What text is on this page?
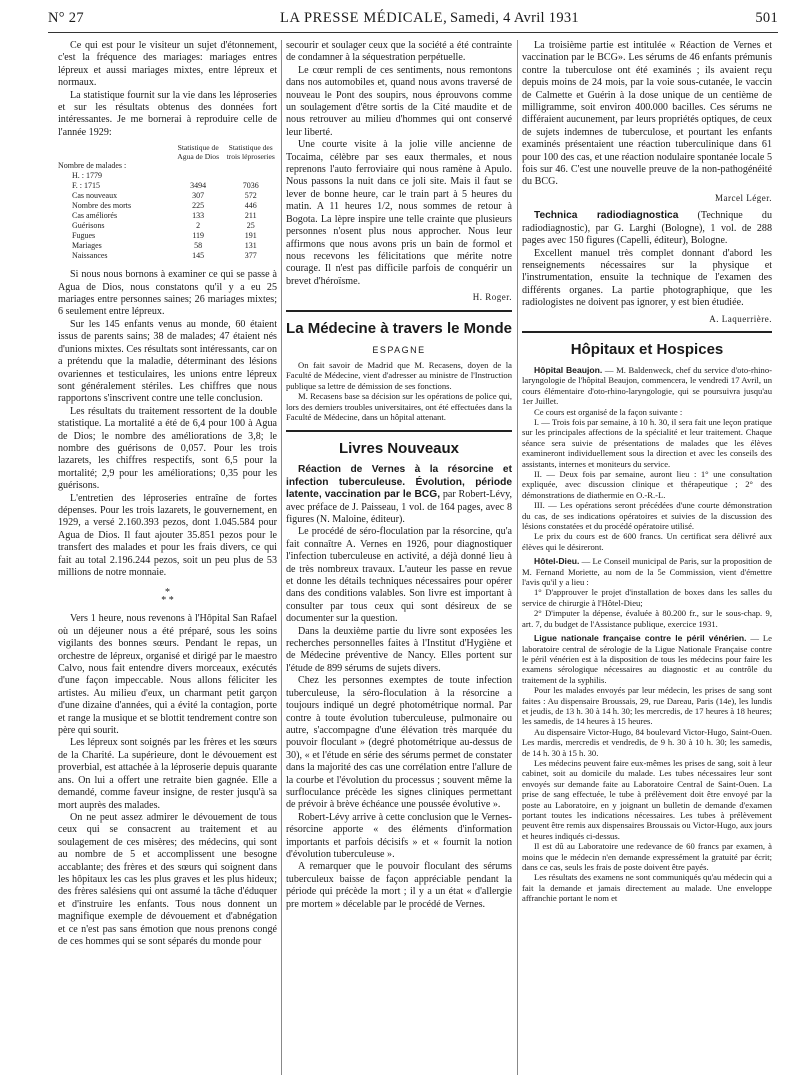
N° 27	LA PRESSE MÉDICALE, Samedi, 4 Avril 1931	501

Ce qui est pour le visiteur un sujet d'étonnement, c'est la fréquence des mariages: mariages entres lépreux et aussi mariages mixtes, entre lépreux et normaux.

La statistique fournit sur la vie dans les léproseries et sur les résultats obtenus des données fort intéressantes. Je me bornerai à reproduire celle de l'année 1929:

	Statistique de Agua de Dios	Statistique des trois léproseries
Nombre de malades :		
H. : 1779		
F. : 1715	3494	7036
Cas nouveaux	307	572
Nombre des morts	225	446
Cas améliorés	133	211
Guérisons	2	25
Fugues	119	191
Mariages	58	131
Naissances	145	377

Si nous nous bornons à examiner ce qui se passe à Agua de Dios, nous constatons qu'il y a eu 25 mariages entre personnes saines; 26 mariages mixtes; 6 seulement entre lépreux.

Sur les 145 enfants venus au monde, 60 étaient issus de parents sains; 38 de malades; 47 étaient nés d'unions mixtes. Ces résultats sont intéressants, car on a prétendu que la maladie, déterminant des lésions ovariennes et testiculaires, les unions entre lépreux sont généralement stériles. Les chiffres que nous rapportons s'inscrivent contre une telle conclusion.

Les résultats du traitement ressortent de la double statistique. La mortalité a été de 6,4 pour 100 à Agua de Dios; le nombre des améliorations de 3,8; le nombre des guérisons de 0,057. Pour les trois lazarets, les chiffres respectifs, sont 6,5 pour la mortalité; 2,9 pour les améliorations; 0,35 pour les guérisons.

L'entretien des léproseries entraîne de fortes dépenses. Pour les trois lazarets, le gouvernement, en 1929, a versé 2.160.393 pezos, dont 1.045.584 pour Agua de Dios. Il faut ajouter 35.851 pezos pour le transfert des malades et pour les frais divers, ce qui fait au total 2.196.244 pezos, soit un peu plus de 53 millions de notre monnaie.

*
* *

Vers 1 heure, nous revenons à l'Hôpital San Rafael où un déjeuner nous a été préparé, sous les soins vigilants des bonnes sœurs. Pendant le repas, un orchestre de lépreux, organisé et dirigé par le maestro Calvo, nous fait entendre divers morceaux, exécutés d'une façon impeccable. Nous allons féliciter les artistes. Au milieu d'eux, un charmant petit garçon d'une dizaine d'années, qui a évité la contagion, porte et range la musique et se blottit tendrement contre son père qui sourit.

Les lépreux sont soignés par les frères et les sœurs de la Charité. La supérieure, dont le dévouement est proverbial, est attachée à la léproserie depuis quarante ans. On lui a offert une retraite bien gagnée. Elle a demandé, comme faveur insigne, de rester jusqu'à sa mort auprès des malades.

On ne peut assez admirer le dévouement de tous ceux qui se consacrent au traitement et au soulagement de ces misères; des médecins, qui sont au nombre de 5 et accomplissent une besogne accablante; des frères et des sœurs qui soignent dans les hôpitaux les cas les plus graves et les plus hideux; des frères salésiens qui ont assumé la tâche d'éduquer et d'instruire les enfants. Tous nous donnent un magnifique exemple de dévouement et d'abnégation et ce n'est pas sans émotion que nous prenons congé de ces hommes qui se sont séparés du monde pour

secourir et soulager ceux que la société a été contrainte de condamner à la séquestration perpétuelle.

Le cœur rempli de ces sentiments, nous remontons dans nos automobiles et, quand nous avons traversé de nouveau le Pont des soupirs, nous éprouvons comme un soulagement d'être sortis de la Cité maudite et de nous retrouver au milieu d'hommes qui ont conservé leur liberté.

Une courte visite à la jolie ville ancienne de Tocaima, célèbre par ses eaux thermales, et nous reprenons l'auto ferroviaire qui nous ramène à Apulo. Nous passons la nuit dans ce joli site. Mais il faut se lever de bonne heure, car le train part à 5 heures du matin. A 11 heures 1/2, nous sommes de retour à Bogota. La lèpre inspire une telle crainte que plusieurs personnes n'osent plus nous approcher. Nous leur affirmons que nous avons pris un bain de formol et nous recevons les félicitations que mérite notre courage. Il n'est pas difficile parfois de conquérir un brevet d'héroïsme.

H. Roger.
La Médecine à travers le Monde
ESPAGNE

On fait savoir de Madrid que M. Recasens, doyen de la Faculté de Médecine, vient d'adresser au ministre de l'Instruction publique sa lettre de démission de ses fonctions.

M. Recasens base sa décision sur les opérations de police qui, lors des derniers troubles universitaires, ont été effectuées dans la Faculté de Médecine, dans un hôpital attenant.

Livres Nouveaux

Réaction de Vernes à la résorcine et infection tuberculeuse. Évolution, période latente, vaccination par le BCG, par Robert-Lévy, avec préface de J. Paisseau, 1 vol. de 164 pages, avec 8 figures (N. Maloine, éditeur).

Le procédé de séro-floculation par la résorcine, qu'a fait connaître A. Vernes en 1926, pour diagnostiquer l'infection tuberculeuse en activité, a déjà donné lieu à de très nombreux travaux. L'auteur les passe en revue et donne les détails techniques nécessaires pour opérer dans des conditions valables. Son livre est important à consulter par tous ceux qui sont désireux de se documenter sur la question.

Dans la deuxième partie du livre sont exposées les recherches personnelles faites à l'Institut d'Hygiène et de Médecine préventive de Nancy. Elles portent sur l'étude de 899 sérums de sujets divers.

Chez les personnes exemptes de toute infection tuberculeuse, la séro-floculation à la résorcine a toujours indiqué un degré photométrique normal. Par contre à toute évolution tuberculeuse, pulmonaire ou autre, s'accompagne d'une élévation très marquée du pouvoir floculant » (degré photométrique au-dessus de 30), « et l'étude en série des sérums permet de constater dans la majorité des cas une corrélation entre l'allure de la courbe et l'évolution du processus ; souvent même la surfloculance précède les signes cliniques permettant de prévoir à brève échéance une poussée évolutive ».

Robert-Lévy arrive à cette conclusion que le Vernes-résorcine apporte « des éléments d'information importants et parfois décisifs » et « fournit la notion d'évolution tuberculeuse ».

A remarquer que le pouvoir floculant des sérums tuberculeux baisse de façon appréciable pendant la période qui précède la mort ; il y a un état « d'allergie pre mortem » décelable par le procédé de Vernes.

La troisième partie est intitulée « Réaction de Vernes et vaccination par le BCG». Les sérums de 46 enfants prémunis contre la tuberculose ont été examinés ; ils avaient reçu depuis moins de 24 mois, par la voie sous-cutanée, le vaccin de Calmette et Guérin à la dose unique de un centième de milligramme, soit environ 400.000 bacilles. Ces sérums ne différaient aucunement, par leurs propriétés optiques, de ceux de sujets indemnes de tuberculose, et pourtant les enfants examinés présentaient une réaction tuberculinique dans 61 pour 100 des cas, et une réaction nodulaire spontanée locale 5 fois sur 46. C'est une nouvelle preuve de la non-pathogénéité du BCG.

Marcel Léger.

Technica radiodiagnostica (Technique du radiodiagnostic), par G. Larghi (Bologne), 1 vol. de 288 pages avec 150 figures (Capelli, éditeur), Bologne.

Excellent manuel très complet donnant d'abord les renseignements nécessaires sur la physique et l'instrumentation, ensuite la technique de l'examen des différents organes. La partie photographique, que les radiologistes ne doivent pas ignorer, y est bien étudiée.

A. Laquerrière.
Hôpitaux et Hospices

Hôpital Beaujon. — M. Baldenweck, chef du service d'oto-rhino-laryngologie de l'hôpital Beaujon, commencera, le vendredi 17 Avril, un cours élémentaire d'oto-rhino-laryngologie, qui se poursuivra jusqu'au 1er Juillet.

Ce cours est organisé de la façon suivante :

I. — Trois fois par semaine, à 10 h. 30, il sera fait une leçon pratique sur les principales affections de la spécialité et leur traitement. Chaque séance sera suivie de présentations de malades que les élèves examineront individuellement sous la direction et avec les conseils des assistants, internes et moniteurs du service.

II. — Deux fois par semaine, auront lieu : 1° une consultation expliquée, avec discussion clinique et thérapeutique ; 2° des démonstrations de diathermie en O.-R.-L.

III. — Les opérations seront précédées d'une courte démonstration du cas, de ses indications opératoires et suivies de la discussion des lésions constatées et du procédé opératoire utilisé.

Le prix du cours est de 600 francs. Un certificat sera délivré aux élèves qui le désireront.

Hôtel-Dieu. — Le Conseil municipal de Paris, sur la proposition de M. Fernand Moriette, au nom de la 5e Commission, vient d'émettre l'avis qu'il y a lieu :

1° D'approuver le projet d'installation de boxes dans les salles du service de chirurgie à l'Hôtel-Dieu;

2° D'imputer la dépense, évaluée à 80.200 fr., sur le sous-chap. 9, art. 7, du budget de l'Assistance publique, exercice 1931.

Ligue nationale française contre le péril vénérien. — Le laboratoire central de sérologie de la Ligue Nationale Française contre le péril vénérien est à la disposition de tous les médecins pour faire les examens sérologique nécessaires au diagnostic et au contrôle du traitement de la syphilis.

Pour les malades envoyés par leur médecin, les prises de sang sont faites : Au dispensaire Broussais, 29, rue Dareau, Paris (14e), les lundis et jeudis, de 13 h. 30 à 14 h. 30; les mercredis, de 17 heures à 18 heures; les samedis, de 14 heures à 15 heures.

Au dispensaire Victor-Hugo, 84 boulevard Victor-Hugo, Saint-Ouen. Les mardis, mercredis et vendredis, de 9 h. 30 à 10 h. 30; les samedis, de 14 h. 30 à 15 h. 30.

Les médecins peuvent faire eux-mêmes les prises de sang, soit à leur cabinet, soit au domicile du malade. Les tubes nécessaires leur sont envoyés sur demande faite au Laboratoire Central de Saint-Ouen. La prise de sang effectuée, le tube à prélèvement doit être envoyé par la poste au Laboratoire, en y joignant un bulletin de demande d'examen portant toutes les indications nécessaires. Les tubes à prélèvement peuvent être remis aux dispensaires Broussais ou Victor-Hugo, aux jours et heures indiqués ci-dessus.

Il est dû au Laboratoire une redevance de 60 francs par examen, à moins que le médecin n'en demande expressément la gratuité par écrit; dans ce cas, seuls les frais de poste doivent être payés.

Les résultats des examens ne sont communiqués qu'au médecin qui a fait la demande et jamais directement au malade. Une enveloppe affranchie portant le nom et
